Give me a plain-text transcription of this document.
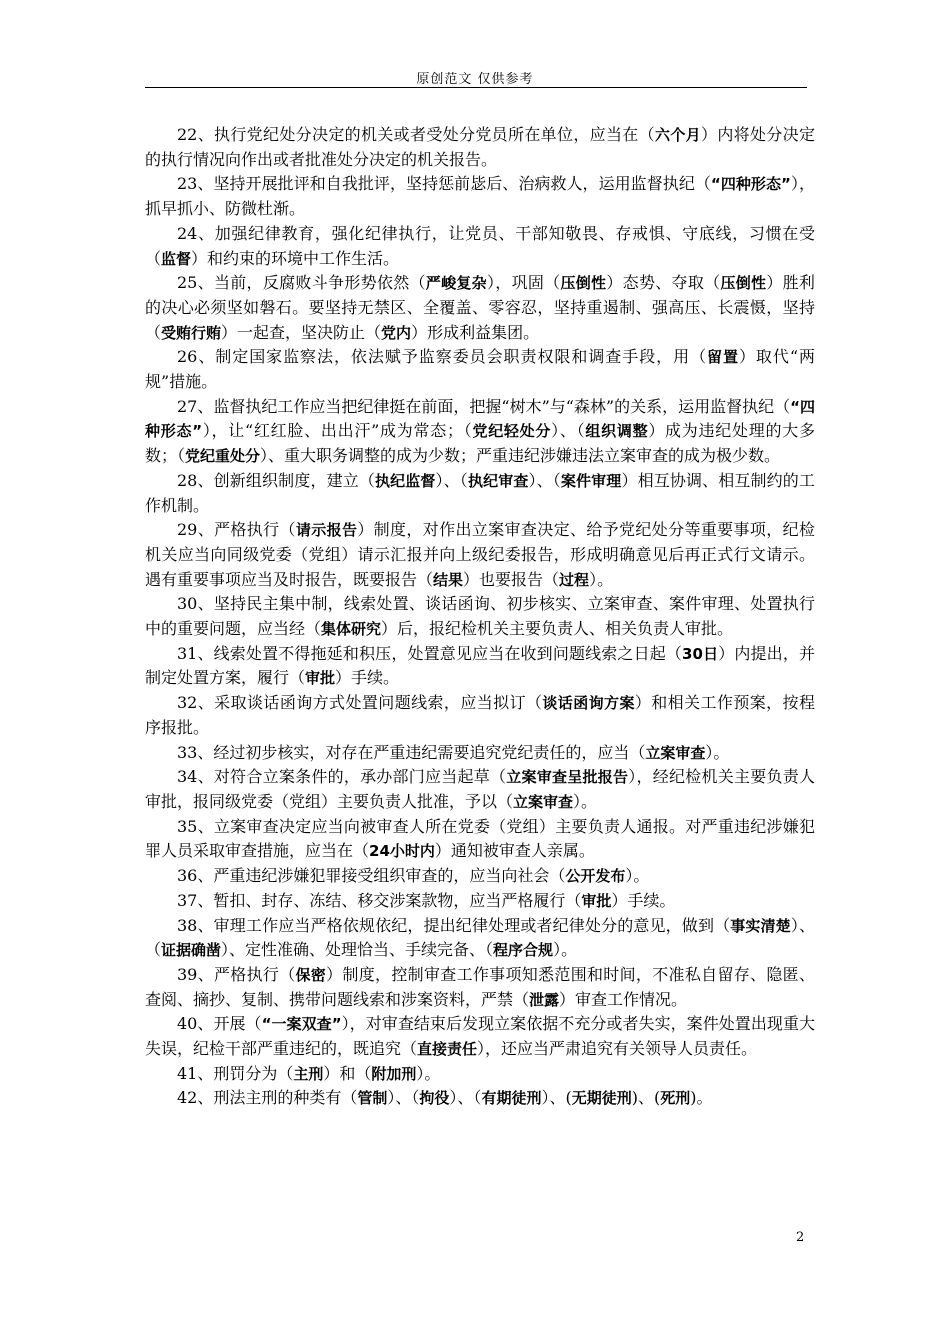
原创范文 仅供参考

22、执行党纪处分决定的机关或者受处分党员所在单位，应当在（六个月）内将处分决定的执行情况向作出或者批准处分决定的机关报告。

23、坚持开展批评和自我批评，坚持惩前毖后、治病救人，运用监督执纪（“四种形态”），抓早抓小、防微杜渐。

24、加强纪律教育，强化纪律执行，让党员、干部知敬畏、存戒惧、守底线，习惯在受（监督）和约束的环境中工作生活。

25、当前，反腐败斗争形势依然（严峻复杂），巩固（压倒性）态势、夺取（压倒性）胜利的决心必须坚如磐石。要坚持无禁区、全覆盖、零容忍，坚持重遏制、强高压、长震慑，坚持（受贿行贿）一起查，坚决防止（党内）形成利益集团。

26、制定国家监察法，依法赋予监察委员会职责权限和调查手段，用（留置）取代“两规”措施。

27、监督执纪工作应当把纪律挺在前面，把握“树木”与“森林”的关系，运用监督执纪（“四种形态”），让“红红脸、出出汗”成为常态；（党纪轻处分）、（组织调整）成为违纪处理的大多数；（党纪重处分）、重大职务调整的成为少数；严重违纪涉嫌违法立案审查的成为极少数。

28、创新组织制度，建立（执纪监督）、（执纪审查）、（案件审理）相互协调、相互制约的工作机制。

29、严格执行（请示报告）制度，对作出立案审查决定、给予党纪处分等重要事项，纪检机关应当向同级党委（党组）请示汇报并向上级纪委报告，形成明确意见后再正式行文请示。遇有重要事项应当及时报告，既要报告（结果）也要报告（过程）。

30、坚持民主集中制，线索处置、谈话函询、初步核实、立案审查、案件审理、处置执行中的重要问题，应当经（集体研究）后，报纪检机关主要负责人、相关负责人审批。

31、线索处置不得拖延和积压，处置意见应当在收到问题线索之日起（30日）内提出，并制定处置方案，履行（审批）手续。

32、采取谈话函询方式处置问题线索，应当拟订（谈话函询方案）和相关工作预案，按程序报批。

33、经过初步核实，对存在严重违纪需要追究党纪责任的，应当（立案审查）。

34、对符合立案条件的，承办部门应当起草（立案审查呈批报告），经纪检机关主要负责人审批，报同级党委（党组）主要负责人批准，予以（立案审查）。

35、立案审查决定应当向被审查人所在党委（党组）主要负责人通报。对严重违纪涉嫌犯罪人员采取审查措施，应当在（24小时内）通知被审查人亲属。

36、严重违纪涉嫌犯罪接受组织审查的，应当向社会（公开发布）。

37、暂扣、封存、冻结、移交涉案款物，应当严格履行（审批）手续。

38、审理工作应当严格依规依纪，提出纪律处理或者纪律处分的意见，做到（事实清楚）、（证据确凿）、定性准确、处理恰当、手续完备、（程序合规）。

39、严格执行（保密）制度，控制审查工作事项知悉范围和时间，不准私自留存、隐匿、查阅、摘抄、复制、携带问题线索和涉案资料，严禁（泄露）审查工作情况。

40、开展（“一案双查”），对审查结束后发现立案依据不充分或者失实，案件处置出现重大失误，纪检干部严重违纪的，既追究（直接责任），还应当严肃追究有关领导人员责任。

41、刑罚分为（主刑）和（附加刑）。

42、刑法主刑的种类有（管制）、（拘役）、（有期徒刑）、(无期徒刑)、(死刑)。

2
